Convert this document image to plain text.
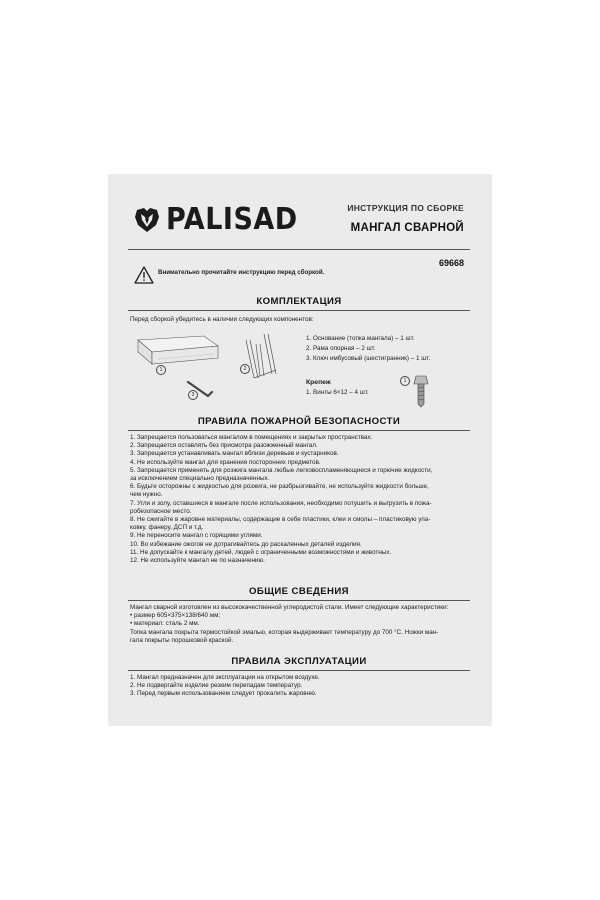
PALISAD	ИНСТРУКЦИЯ ПО СБОРКЕ
МАНГАЛ СВАРНОЙ
69668
Внимательно прочитайте инструкцию перед сборкой.
КОМПЛЕКТАЦИЯ
Перед сборкой убедитесь в наличии следующих компонентов:
1	2
3
1. Основание (топка мангала) – 1 шт.
2. Рама опорная – 2 шт.
3. Ключ имбусовый (шестигранник) – 1 шт.
Крепеж
1. Винты 6×12 – 4 шт.
1
ПРАВИЛА ПОЖАРНОЙ БЕЗОПАСНОСТИ
1. Запрещается пользоваться мангалом в помещениях и закрытых пространствах.
2. Запрещается оставлять без присмотра разожженный мангал.
3. Запрещается устанавливать мангал вблизи деревьев и кустарников.
4. Не используйте мангал для хранения посторонних предметов.
5. Запрещается применять для розжига мангала любые легковоспламеняющиеся и горючие жидкости,
за исключением специально предназначенных.
6. Будьте осторожны с жидкостью для розжига, не разбрызгивайте, не используйте жидкости больше,
чем нужно.
7. Угли и золу, оставшиеся в мангале после использования, необходимо потушить и выгрузить в пожа-
робезопасное место.
8. Не сжигайте в жаровне материалы, содержащие в себе пластики, клеи и смолы – пластиковую упа-
ковку, фанеру, ДСП и т.д.
9. Не переносите мангал с горящими углями.
10. Во избежание ожогов не дотрагивайтесь до раскаленных деталей изделия.
11. Не допускайте к мангалу детей, людей с ограниченными возможностями и животных.
12. Не используйте мангал не по назначению.
ОБЩИЕ СВЕДЕНИЯ
Мангал сварной изготовлен из высококачественной углеродистой стали. Имеет следующие характеристики:
• размер 605×375×138/640 мм;
• материал: сталь 2 мм.
Топка мангала покрыта термостойкой эмалью, которая выдерживает температуру до 700 °С. Ножки ман-
гала покрыты порошковой краской.
ПРАВИЛА ЭКСПЛУАТАЦИИ
1. Мангал предназначен для эксплуатации на открытом воздухе.
2. Не подвергайте изделие резким перепадам температур.
3. Перед первым использованием следует прокалить жаровню.
